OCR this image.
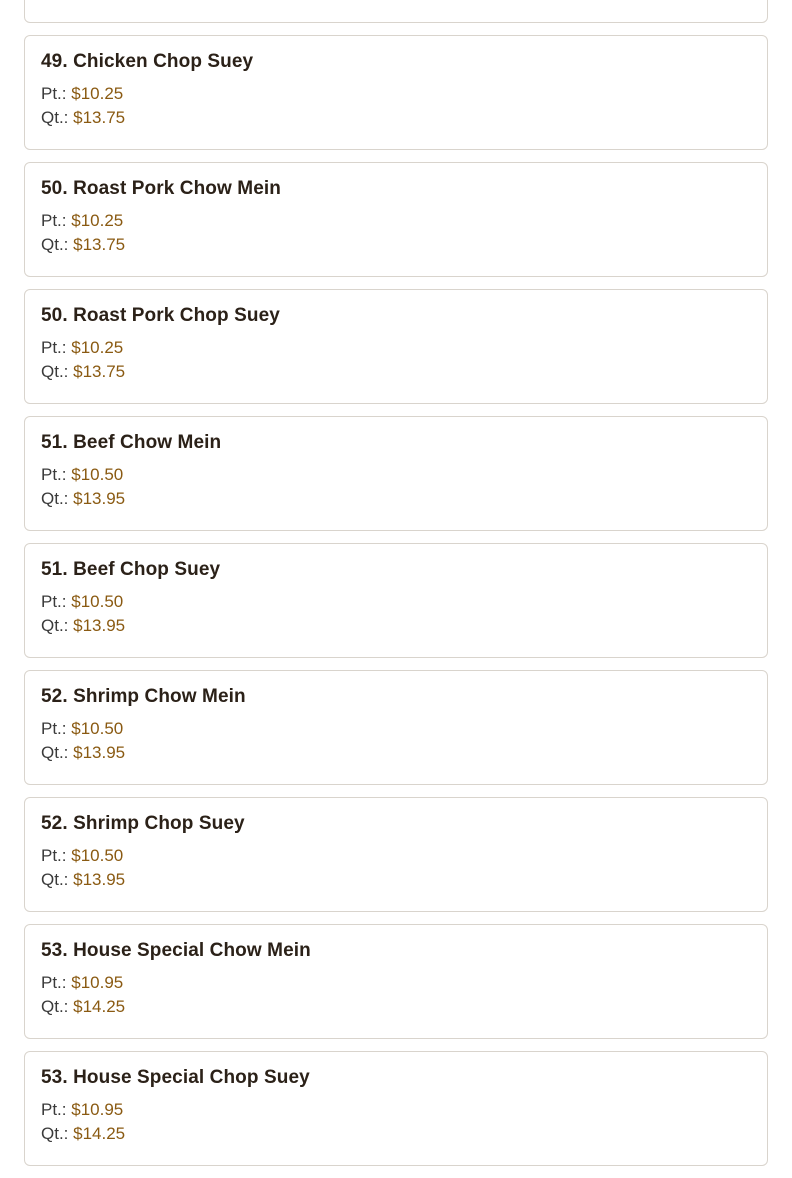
49. Chicken Chop Suey
Pt.: $10.25
Qt.: $13.75
50. Roast Pork Chow Mein
Pt.: $10.25
Qt.: $13.75
50. Roast Pork Chop Suey
Pt.: $10.25
Qt.: $13.75
51. Beef Chow Mein
Pt.: $10.50
Qt.: $13.95
51. Beef Chop Suey
Pt.: $10.50
Qt.: $13.95
52. Shrimp Chow Mein
Pt.: $10.50
Qt.: $13.95
52. Shrimp Chop Suey
Pt.: $10.50
Qt.: $13.95
53. House Special Chow Mein
Pt.: $10.95
Qt.: $14.25
53. House Special Chop Suey
Pt.: $10.95
Qt.: $14.25
